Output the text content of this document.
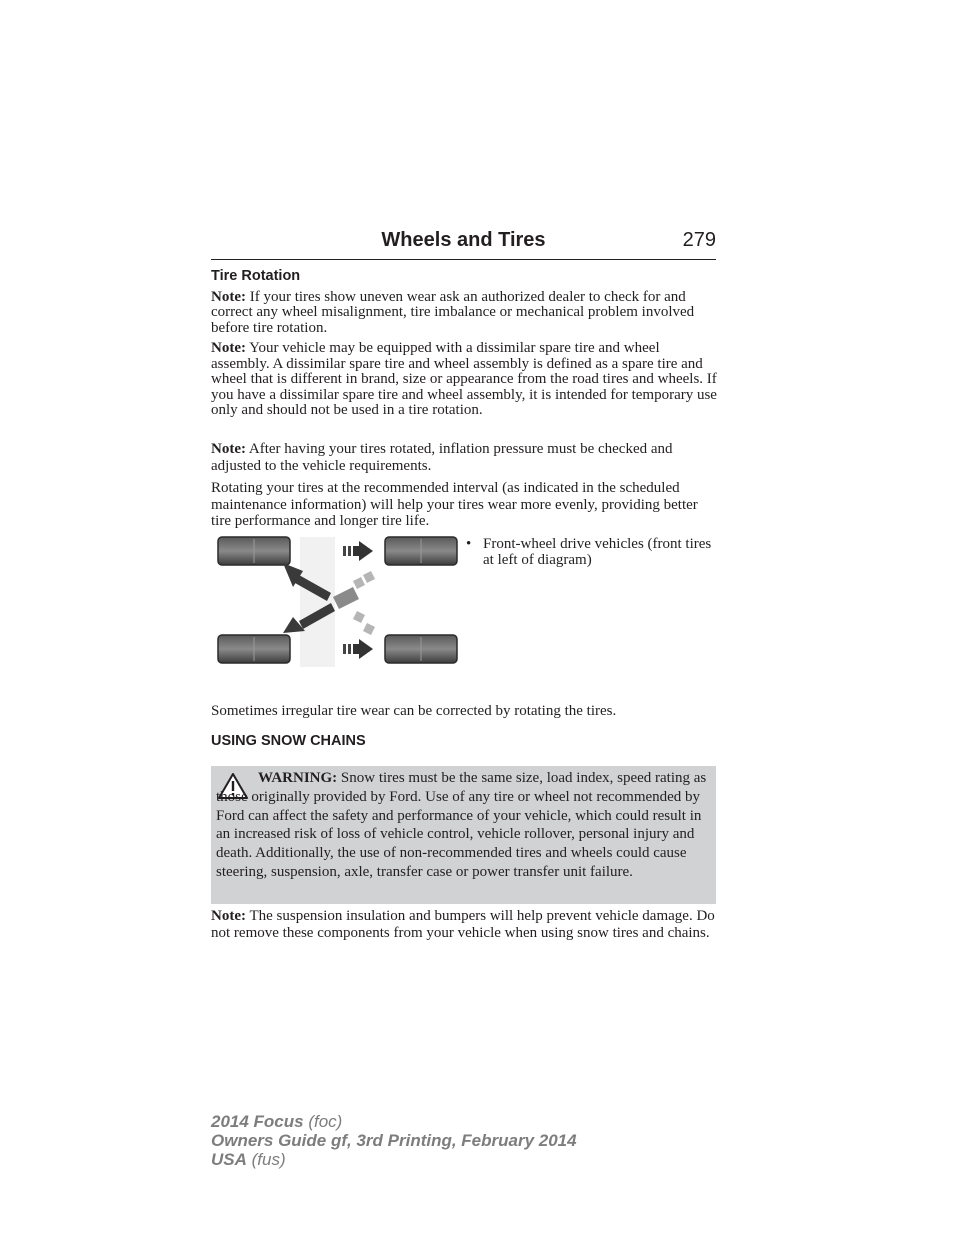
Wheels and Tires	279
Tire Rotation
Note: If your tires show uneven wear ask an authorized dealer to check for and correct any wheel misalignment, tire imbalance or mechanical problem involved before tire rotation.
Note: Your vehicle may be equipped with a dissimilar spare tire and wheel assembly. A dissimilar spare tire and wheel assembly is defined as a spare tire and wheel that is different in brand, size or appearance from the road tires and wheels. If you have a dissimilar spare tire and wheel assembly, it is intended for temporary use only and should not be used in a tire rotation.
Note: After having your tires rotated, inflation pressure must be checked and adjusted to the vehicle requirements.
Rotating your tires at the recommended interval (as indicated in the scheduled maintenance information) will help your tires wear more evenly, providing better tire performance and longer tire life.
• Front-wheel drive vehicles (front tires at left of diagram)
Sometimes irregular tire wear can be corrected by rotating the tires.
USING SNOW CHAINS
WARNING: Snow tires must be the same size, load index, speed rating as those originally provided by Ford. Use of any tire or wheel not recommended by Ford can affect the safety and performance of your vehicle, which could result in an increased risk of loss of vehicle control, vehicle rollover, personal injury and death. Additionally, the use of non-recommended tires and wheels could cause steering, suspension, axle, transfer case or power transfer unit failure.
Note: The suspension insulation and bumpers will help prevent vehicle damage. Do not remove these components from your vehicle when using snow tires and chains.
2014 Focus (foc)
Owners Guide gf, 3rd Printing, February 2014
USA (fus)
